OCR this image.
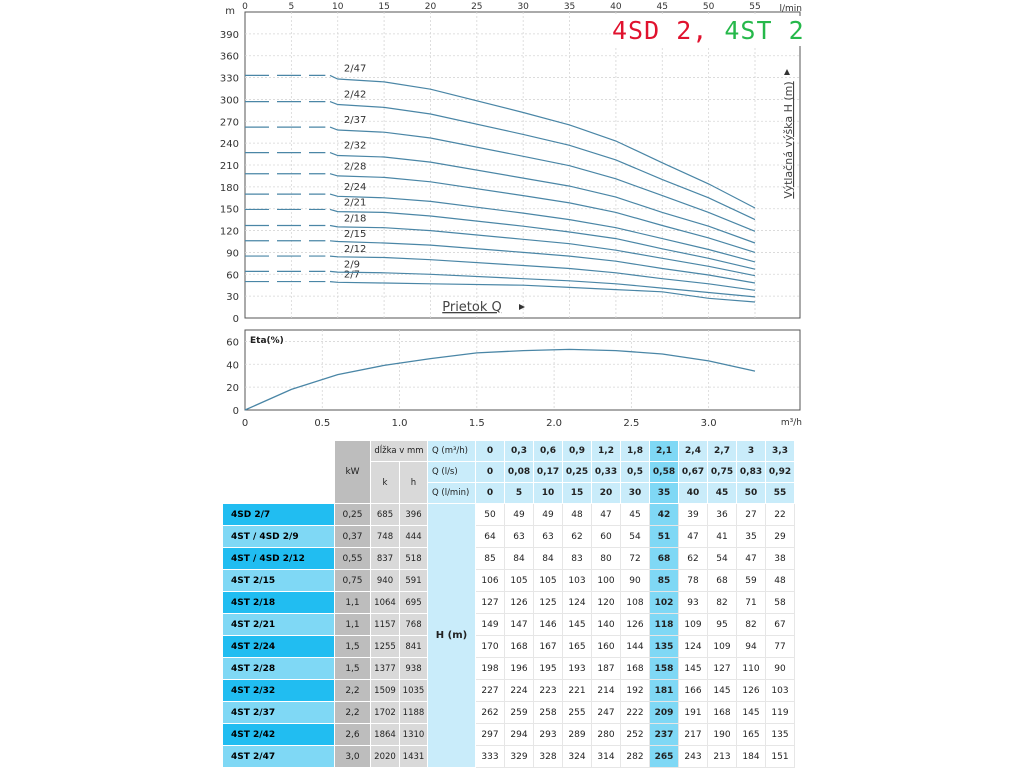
0	5	10	15	20	25	30	35	40	45	50	55 l/min
0
30
60
90
120
150
180
210
240
270
300
330
360
390
m
2/7
2/9
2/12
2/15
2/18
2/21
2/24
2/28
2/32
2/37
2/42
2/47
Prietok Q
Výtlačná výška H (m)
0	0.5	1.0	1.5	2.0	2.5	3.0
0
20
40
60 Eta(%)
m³/h
4SD 2, 4ST 2
	kW	dĺžka v mm		Q (m³/h)	0	0,3	0,6	0,9	1,2	1,8	2,1	2,4	2,7	3	3,3
		k	h	Q (l/s)	0	0,08	0,17	0,25	0,33	0,5	0,58	0,67	0,75	0,83	0,92
				Q (l/min)	0	5	10	15	20	30	35	40	45	50	55
4SD 2/7	0,25	685	396	H (m)	50	49	49	48	47	45	42	39	36	27	22
4ST / 4SD 2/9	0,37	748	444		64	63	63	62	60	54	51	47	41	35	29
4ST / 4SD 2/12	0,55	837	518		85	84	84	83	80	72	68	62	54	47	38
4ST 2/15	0,75	940	591		106	105	105	103	100	90	85	78	68	59	48
4ST 2/18	1,1	1064	695		127	126	125	124	120	108	102	93	82	71	58
4ST 2/21	1,1	1157	768		149	147	146	145	140	126	118	109	95	82	67
4ST 2/24	1,5	1255	841		170	168	167	165	160	144	135	124	109	94	77
4ST 2/28	1,5	1377	938		198	196	195	193	187	168	158	145	127	110	90
4ST 2/32	2,2	1509	1035		227	224	223	221	214	192	181	166	145	126	103
4ST 2/37	2,2	1702	1188		262	259	258	255	247	222	209	191	168	145	119
4ST 2/42	2,6	1864	1310		297	294	293	289	280	252	237	217	190	165	135
4ST 2/47	3,0	2020	1431		333	329	328	324	314	282	265	243	213	184	151
